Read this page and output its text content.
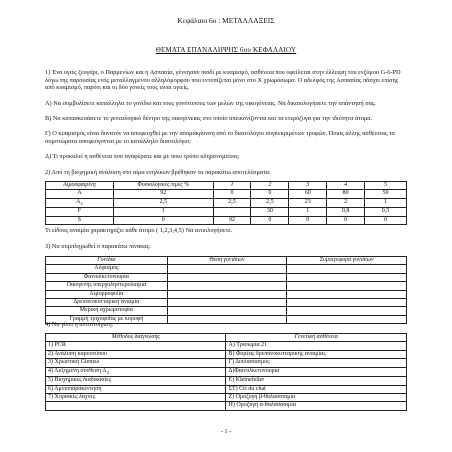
Κεφάλαιο 6ο : ΜΕΤΑΛΛΑΞΕΙΣ
ΘΕΜΑΤΑ ΕΠΑΝΑΛΗΨΗΣ 6ου ΚΕΦΑΛΑΙΟΥ
1) Ένα υγιές ζευγάρι, ο Παρμενίων και η Ασπασία, γέννησαν παιδί με κυαμισμό, ασθένεια που οφείλεται στην έλλειψη του ενζύμου G-6-PD λόγω της παρουσίας ενός μεταλλαγμένου αλληλόμορφου που εντοπίζεται μόνο στο Χ χρωμόσωμα. Ο αδελφός της Ασπασίας πάσχει επίσης από κυαμισμό, παρότι και οι δύο γονείς τους είναι υγιείς.
Α) Να συμβολίσετε κατάλληλα το γονίδιο και τους γονότυπους των μελών της οικογένειας. Να δικαιολογήσετε την απάντησή σας.
Β) Να κατασκευάσετε το γενεαλογικό δέντρο της οικογένειας στο οποίο απεικονίζονται και τα ετερόζυγα για την ιδιότητα άτομα.
Γ) Ο κυαμισμός είναι δυνατόν να αποφευχθεί με την απομάκρυνση από το διαιτολόγιο συγκεκριμένων τροφών. Ποιας άλλης ασθένειας τα συμπτώματα αποφεύγονται με το κατάλληλο διαιτολόγιο;
Δ) Τι προκαλεί η ασθένεια που αναφέρατε και με ποιο τρόπο κληρονομείται;
2) Από τη βιοχημική ανάλυση στο αίμα ενηλίκων βρέθηκαν τα παρακάτω αποτελέσματα:
Αιμοσφαιρίνη	Φυσιολογικές τιμές %	1	2	3	4	5
Α	92	0	0	60	80	50
$A_2$	2,5	2,5	2,5	23	2	1
F	1		30	1	0,8	0,5
S	0	92	0	0	0	0
Τι είδους αναιμία χαρακτηρίζει κάθε άτομο ( 1,2,3,4,5) Να αιτιολογήσετε.
3) Να συμπληρωθεί ο παρακάτω πίνακας:
Γονίδια	Θέση γονιδίων	Συμπεριφορά γονιδίων
Αλφισμός		
Φαινυλκετονουρία		
Οικογενής υπερχοληστερολαιμία		
Αιμορροφιλία		
Δρεπανοκυτταρική αναιμία		
Μερική αχρωματοψία		
Γραμμή τριχοφυΐας με κορυφή		
4) Να γίνει η αντιστοίχιση:
Μέθοδος διάγνωσης	Γενετική ασθένεια
1) PCR	Α) Τρισωμία 21
2) Ανάλυση καρυοτύπου	Β) Φορέας δρεπανοκυτταρικής αναιμίας
3) Χρωστική Giemsa	Γ) Διπλασιασμός
4) Αυξημένη σύνθεση $A_2$	Δ)Φαινυλκετονουρία
5) Βιοχημικές διαδικασίες	Ε) Kleinefelter
6) Αμνιοπαρακέντηση	ΣΤ) Cri du chat
7) Χοριακές λάχνες	Ζ) Ομόζυγη β-θαλασσαιμία
	Η) Ομόζυγη α-θαλασσαιμία
- 1 -
